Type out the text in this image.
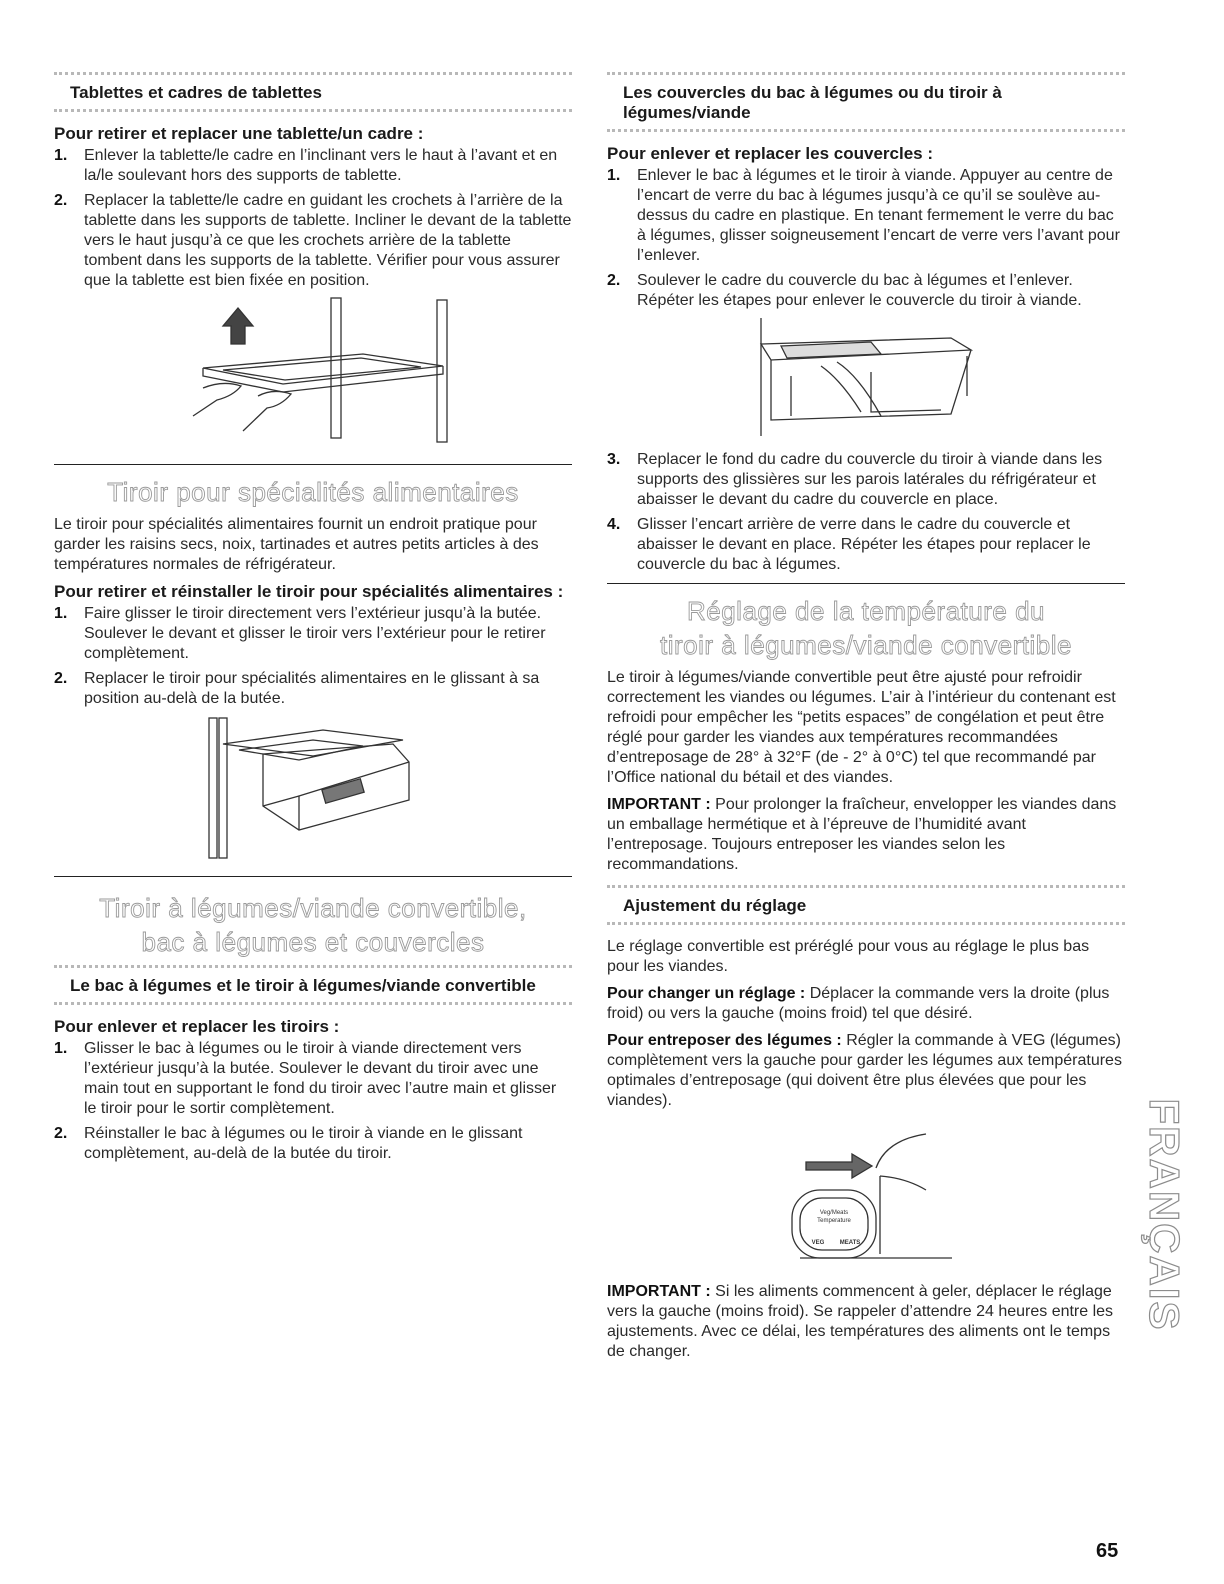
Tablettes et cadres de tablettes
Pour retirer et replacer une tablette/un cadre :
1. Enlever la tablette/le cadre en l’inclinant vers le haut à l’avant et en la/le soulevant hors des supports de tablette.
2. Replacer la tablette/le cadre en guidant les crochets à l’arrière de la tablette dans les supports de tablette. Incliner le devant de la tablette vers le haut jusqu’à ce que les crochets arrière de la tablette tombent dans les supports de la tablette. Vérifier pour vous assurer que la tablette est bien fixée en position.
Tiroir pour spécialités alimentaires

Le tiroir pour spécialités alimentaires fournit un endroit pratique pour garder les raisins secs, noix, tartinades et autres petits articles à des températures normales de réfrigérateur.

Pour retirer et réinstaller le tiroir pour spécialités alimentaires :
1. Faire glisser le tiroir directement vers l’extérieur jusqu’à la butée. Soulever le devant et glisser le tiroir vers l’extérieur pour le retirer complètement.
2. Replacer le tiroir pour spécialités alimentaires en le glissant à sa position au-delà de la butée.
Tiroir à légumes/viande convertible, bac à légumes et couvercles
Le bac à légumes et le tiroir à légumes/viande convertible
Pour enlever et replacer les tiroirs :
1. Glisser le bac à légumes ou le tiroir à viande directement vers l’extérieur jusqu’à la butée. Soulever le devant du tiroir avec une main tout en supportant le fond du tiroir avec l’autre main et glisser le tiroir pour le sortir complètement.
2. Réinstaller le bac à légumes ou le tiroir à viande en le glissant complètement, au-delà de la butée du tiroir.
Les couvercles du bac à légumes ou du tiroir à légumes/viande
Pour enlever et replacer les couvercles :
1. Enlever le bac à légumes et le tiroir à viande. Appuyer au centre de l’encart de verre du bac à légumes jusqu’à ce qu’il se soulève au-dessus du cadre en plastique. En tenant fermement le verre du bac à légumes, glisser soigneusement l’encart de verre vers l’avant pour l’enlever.
2. Soulever le cadre du couvercle du bac à légumes et l’enlever. Répéter les étapes pour enlever le couvercle du tiroir à viande.
3. Replacer le fond du cadre du couvercle du tiroir à viande dans les supports des glissières sur les parois latérales du réfrigérateur et abaisser le devant du cadre du couvercle en place.
4. Glisser l’encart arrière de verre dans le cadre du couvercle et abaisser le devant en place. Répéter les étapes pour replacer le couvercle du bac à légumes.
Réglage de la température du tiroir à légumes/viande convertible

Le tiroir à légumes/viande convertible peut être ajusté pour refroidir correctement les viandes ou légumes. L’air à l’intérieur du contenant est refroidi pour empêcher les “petits espaces” de congélation et peut être réglé pour garder les viandes aux températures recommandées d’entreposage de 28° à 32°F (de - 2° à 0°C) tel que recommandé par l’Office national du bétail et des viandes.

IMPORTANT : Pour prolonger la fraîcheur, envelopper les viandes dans un emballage hermétique et à l’épreuve de l’humidité avant l’entreposage. Toujours entreposer les viandes selon les recommandations.

Ajustement du réglage

Le réglage convertible est préréglé pour vous au réglage le plus bas pour les viandes.

Pour changer un réglage : Déplacer la commande vers la droite (plus froid) ou vers la gauche (moins froid) tel que désiré.

Pour entreposer des légumes : Régler la commande à VEG (légumes) complètement vers la gauche pour garder les légumes aux températures optimales d’entreposage (qui doivent être plus élevées que pour les viandes).

Veg/Meats
Temperature
VEG	MEATS

IMPORTANT : Si les aliments commencent à geler, déplacer le réglage vers la gauche (moins froid). Se rappeler d’attendre 24 heures entre les ajustements. Avec ce délai, les températures des aliments ont le temps de changer.

FRANÇAIS
65
